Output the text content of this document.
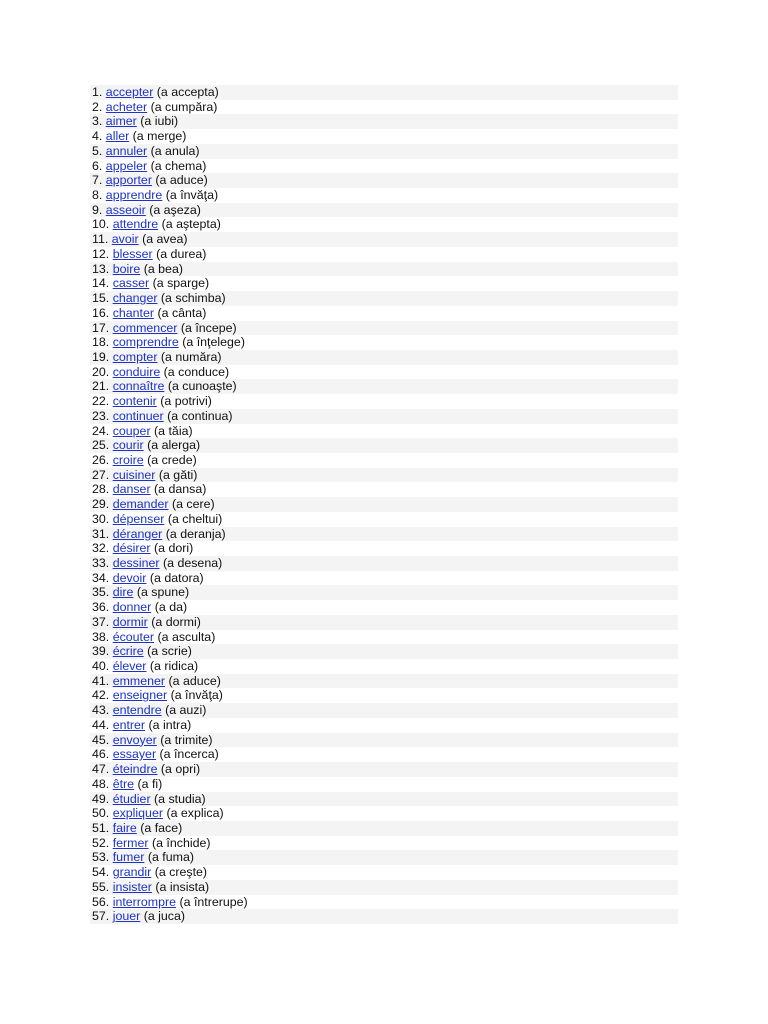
1. accepter (a accepta)
2. acheter (a cumpăra)
3. aimer (a iubi)
4. aller (a merge)
5. annuler (a anula)
6. appeler (a chema)
7. apporter (a aduce)
8. apprendre (a învăţa)
9. asseoir (a aşeza)
10. attendre (a aştepta)
11. avoir (a avea)
12. blesser (a durea)
13. boire (a bea)
14. casser (a sparge)
15. changer (a schimba)
16. chanter (a cânta)
17. commencer (a începe)
18. comprendre (a înţelege)
19. compter (a număra)
20. conduire (a conduce)
21. connaître (a cunoaşte)
22. contenir (a potrivi)
23. continuer (a continua)
24. couper (a tăia)
25. courir (a alerga)
26. croire (a crede)
27. cuisiner (a găti)
28. danser (a dansa)
29. demander (a cere)
30. dépenser (a cheltui)
31. déranger (a deranja)
32. désirer (a dori)
33. dessiner (a desena)
34. devoir (a datora)
35. dire (a spune)
36. donner (a da)
37. dormir (a dormi)
38. écouter (a asculta)
39. écrire (a scrie)
40. élever (a ridica)
41. emmener (a aduce)
42. enseigner (a învăţa)
43. entendre (a auzi)
44. entrer (a intra)
45. envoyer (a trimite)
46. essayer (a încerca)
47. éteindre (a opri)
48. être (a fi)
49. étudier (a studia)
50. expliquer (a explica)
51. faire (a face)
52. fermer (a închide)
53. fumer (a fuma)
54. grandir (a creşte)
55. insister (a insista)
56. interrompre (a întrerupe)
57. jouer (a juca)
